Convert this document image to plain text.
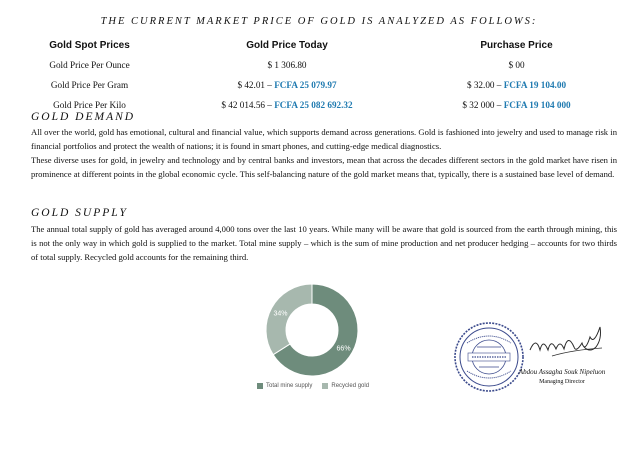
THE CURRENT MARKET PRICE OF GOLD IS ANALYZED AS FOLLOWS:
Gold Spot Prices	Gold Price Today	Purchase Price
Gold Price Per Ounce	$ 1 306.80	$ 00
Gold Price Per Gram	$ 42.01 – FCFA 25 079.97	$ 32.00 – FCFA 19 104.00
Gold Price Per Kilo	$ 42 014.56 – FCFA 25 082 692.32	$ 32 000 – FCFA 19 104 000
GOLD DEMAND

All over the world, gold has emotional, cultural and financial value, which supports demand across generations. Gold is fashioned into jewelry and used to manage risk in financial portfolios and protect the wealth of nations; it is found in smart phones, and cutting-edge medical diagnostics.

These diverse uses for gold, in jewelry and technology and by central banks and investors, mean that across the decades different sectors in the gold market have risen in prominence at different points in the global economic cycle. This self-balancing nature of the gold market means that, typically, there is a sustained base level of demand.

GOLD SUPPLY

The annual total supply of gold has averaged around 4,000 tons over the last 10 years. While many will be aware that gold is sourced from the earth through mining, this is not the only way in which gold is supplied to the market. Total mine supply – which is the sum of mine production and net producer hedging – accounts for two thirds of total supply. Recycled gold accounts for the remaining third.

66%
34%
Total mine supply	Recycled gold
Abdou Assagha Souk Nipeluon
Managing Director
